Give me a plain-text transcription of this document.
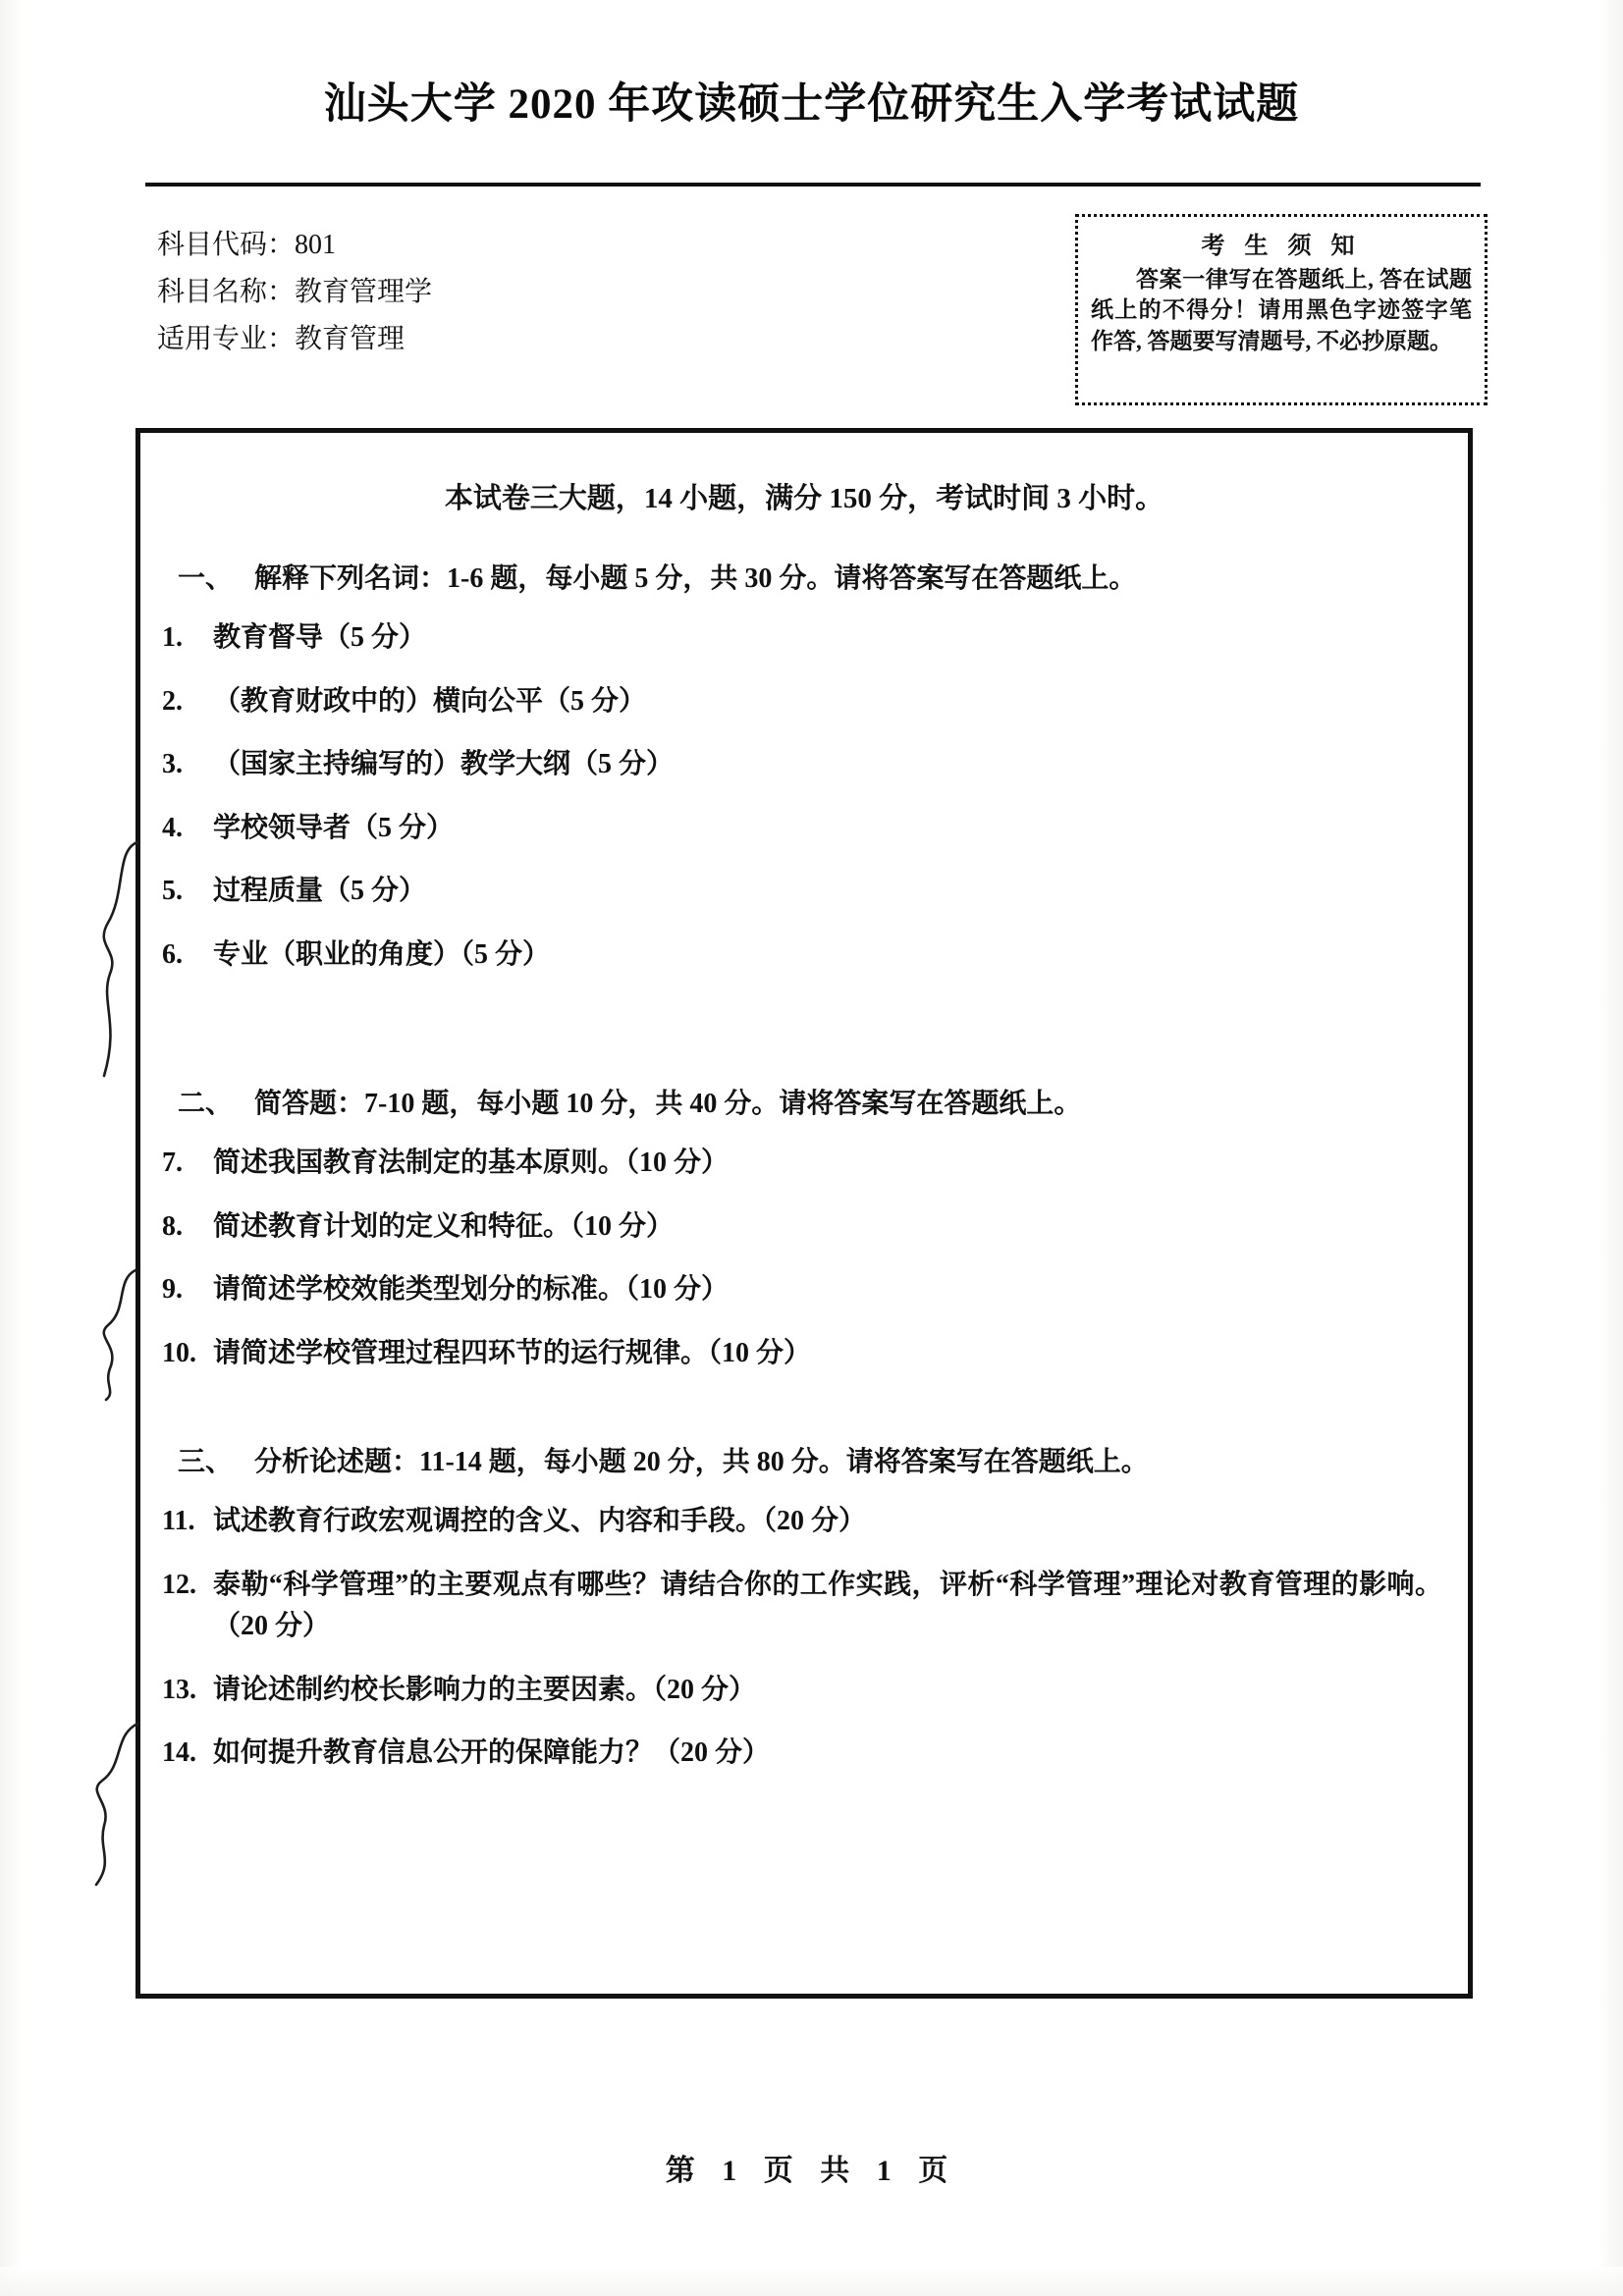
汕头大学 2020 年攻读硕士学位研究生入学考试试题
科目代码：801
科目名称：教育管理学
适用专业：教育管理
考 生 须 知
答案一律写在答题纸上, 答在试题纸上的不得分！请用黑色字迹签字笔作答, 答题要写清题号, 不必抄原题。
本试卷三大题，14 小题，满分 150 分，考试时间 3 小时。
一、 解释下列名词：1-6 题，每小题 5 分，共 30 分。请将答案写在答题纸上。
1.	教育督导（5 分）
2.	（教育财政中的）横向公平（5 分）
3.	（国家主持编写的）教学大纲（5 分）
4.	学校领导者（5 分）
5.	过程质量（5 分）
6.	专业（职业的角度）（5 分）
二、 简答题：7-10 题，每小题 10 分，共 40 分。请将答案写在答题纸上。
7.	简述我国教育法制定的基本原则。（10 分）
8.	简述教育计划的定义和特征。（10 分）
9.	请简述学校效能类型划分的标准。（10 分）
10. 请简述学校管理过程四环节的运行规律。（10 分）
三、 分析论述题：11-14 题，每小题 20 分，共 80 分。请将答案写在答题纸上。
11. 试述教育行政宏观调控的含义、内容和手段。（20 分）
12. 泰勒“科学管理”的主要观点有哪些？请结合你的工作实践，评析“科学管理”理论对教育管理的影响。（20 分）
13. 请论述制约校长影响力的主要因素。（20 分）
14. 如何提升教育信息公开的保障能力？（20 分）
第 1 页 共 1 页
